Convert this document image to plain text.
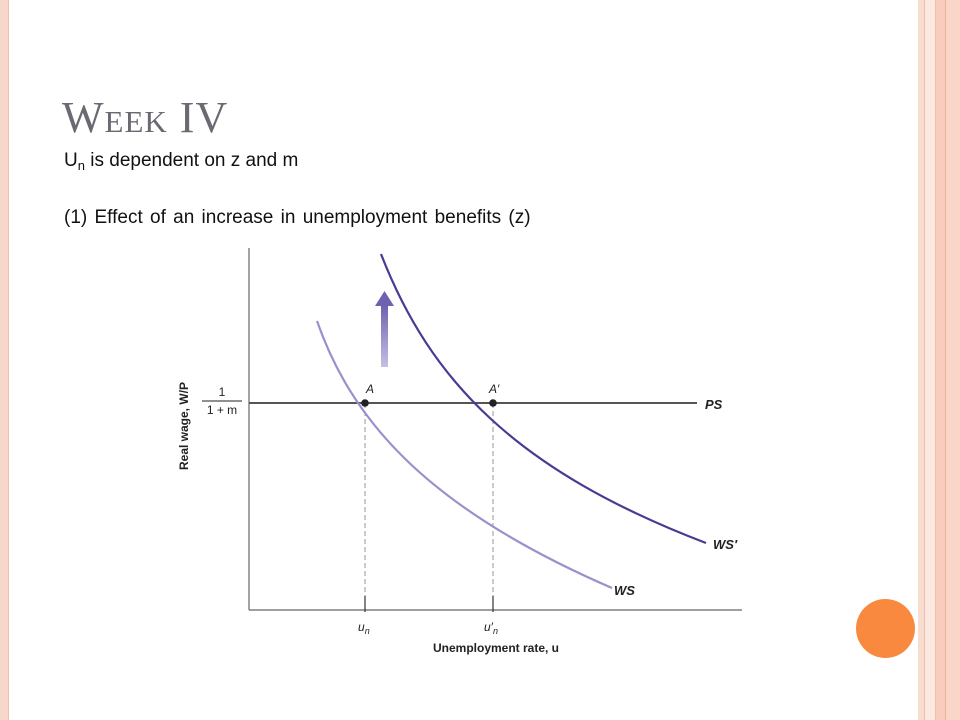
Week IV
$U_n$ is dependent on z and m
(1) Effect of an increase in unemployment benefits (z)
A	A′
PS
WS
WS′
1
1 + m
Real wage, W/P
$u_n$	$u'_n$
Unemployment rate, u
